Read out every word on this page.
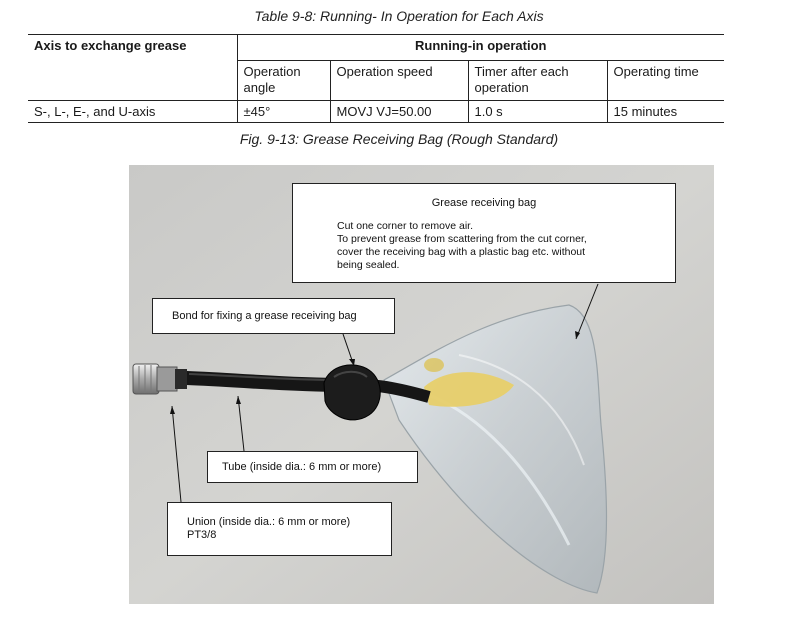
Table 9-8: Running- In Operation for Each Axis
Axis to exchange grease	Running-in operation			
	Operation angle	Operation speed	Timer after each operation	Operating time
S-, L-, E-, and U-axis	±45°	MOVJ VJ=50.00	1.0 s	15 minutes
Fig. 9-13: Grease Receiving Bag (Rough Standard)
Grease receiving bag
Cut one corner to remove air.
To prevent grease from scattering from the cut corner,
cover the receiving bag with a plastic bag etc. without
being sealed.
Bond for fixing a grease receiving bag
Tube (inside dia.: 6 mm or more)
Union (inside dia.: 6 mm or more)
PT3/8
